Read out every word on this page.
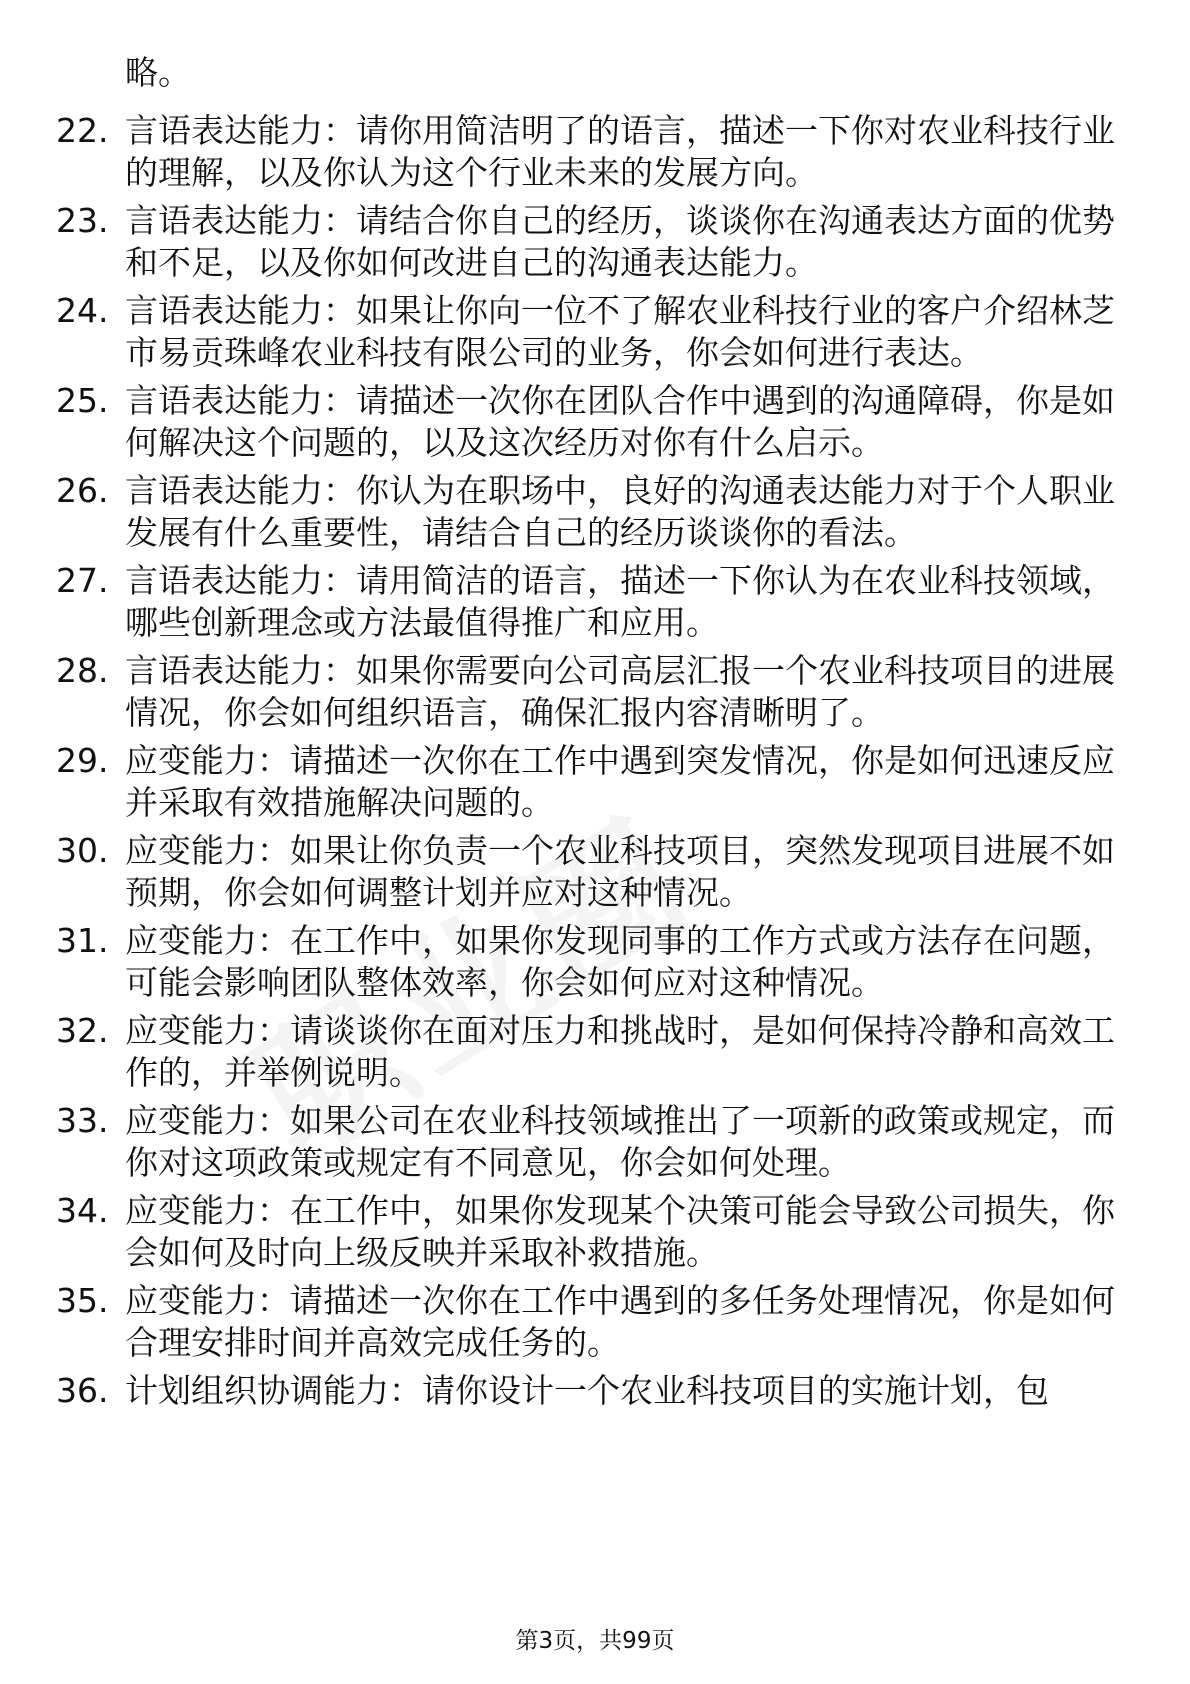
略。
22. 言语表达能力：请你用简洁明了的语言，描述一下你对农业科技行业的理解，以及你认为这个行业未来的发展方向。
23. 言语表达能力：请结合你自己的经历，谈谈你在沟通表达方面的优势和不足，以及你如何改进自己的沟通表达能力。
24. 言语表达能力：如果让你向一位不了解农业科技行业的客户介绍林芝市易贡珠峰农业科技有限公司的业务，你会如何进行表达。
25. 言语表达能力：请描述一次你在团队合作中遇到的沟通障碍，你是如何解决这个问题的，以及这次经历对你有什么启示。
26. 言语表达能力：你认为在职场中，良好的沟通表达能力对于个人职业发展有什么重要性，请结合自己的经历谈谈你的看法。
27. 言语表达能力：请用简洁的语言，描述一下你认为在农业科技领域，哪些创新理念或方法最值得推广和应用。
28. 言语表达能力：如果你需要向公司高层汇报一个农业科技项目的进展情况，你会如何组织语言，确保汇报内容清晰明了。
29. 应变能力：请描述一次你在工作中遇到突发情况，你是如何迅速反应并采取有效措施解决问题的。
30. 应变能力：如果让你负责一个农业科技项目，突然发现项目进展不如预期，你会如何调整计划并应对这种情况。
31. 应变能力：在工作中，如果你发现同事的工作方式或方法存在问题，可能会影响团队整体效率，你会如何应对这种情况。
32. 应变能力：请谈谈你在面对压力和挑战时，是如何保持冷静和高效工作的，并举例说明。
33. 应变能力：如果公司在农业科技领域推出了一项新的政策或规定，而你对这项政策或规定有不同意见，你会如何处理。
34. 应变能力：在工作中，如果你发现某个决策可能会导致公司损失，你会如何及时向上级反映并采取补救措施。
35. 应变能力：请描述一次你在工作中遇到的多任务处理情况，你是如何合理安排时间并高效完成任务的。
36. 计划组织协调能力：请你设计一个农业科技项目的实施计划，包
第3页，共99页
